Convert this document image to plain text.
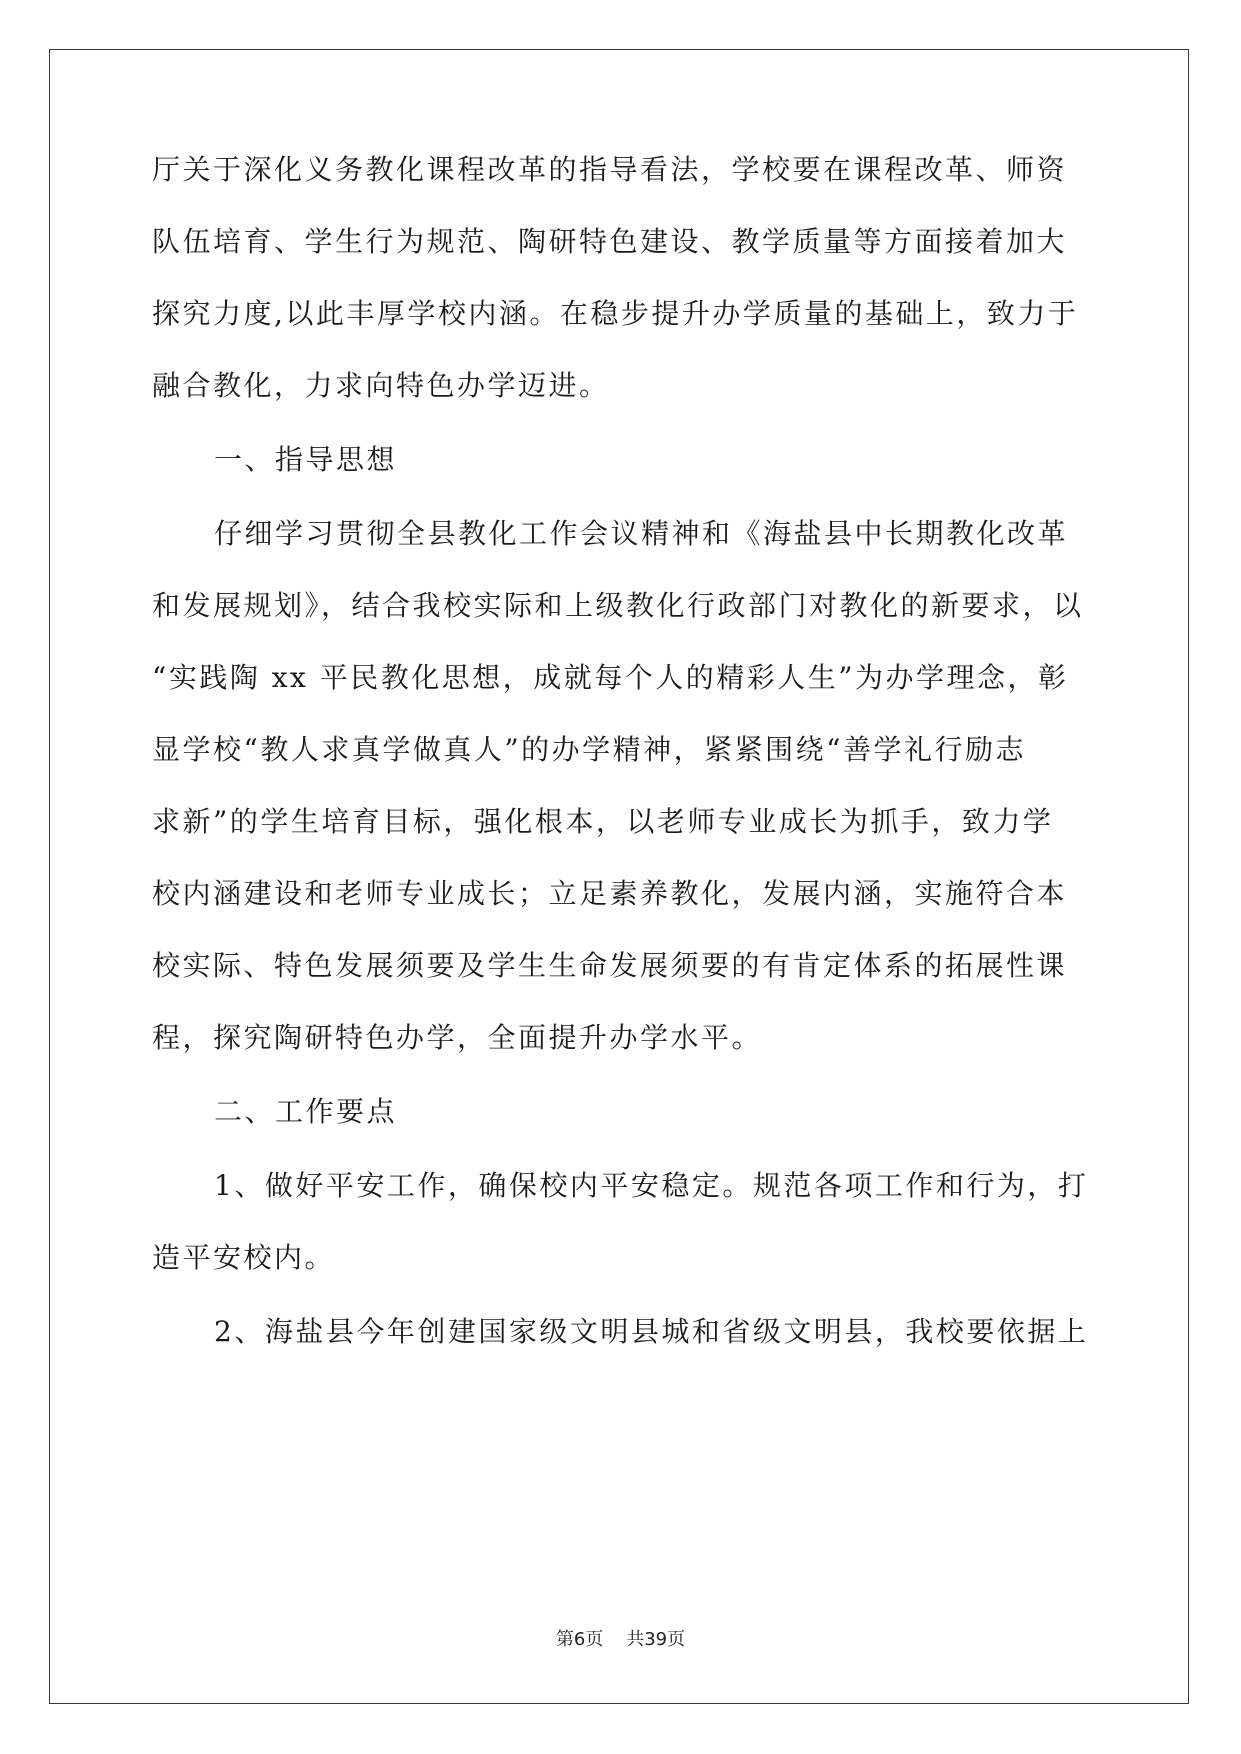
厅关于深化义务教化课程改革的指导看法，学校要在课程改革、师资
队伍培育、学生行为规范、陶研特色建设、教学质量等方面接着加大
探究力度,以此丰厚学校内涵。在稳步提升办学质量的基础上，致力于
融合教化，力求向特色办学迈进。
一、指导思想
仔细学习贯彻全县教化工作会议精神和《海盐县中长期教化改革
和发展规划》，结合我校实际和上级教化行政部门对教化的新要求，以
“实践陶 xx 平民教化思想，成就每个人的精彩人生”为办学理念，彰
显学校“教人求真学做真人”的办学精神，紧紧围绕“善学礼行励志
求新”的学生培育目标，强化根本，以老师专业成长为抓手，致力学
校内涵建设和老师专业成长；立足素养教化，发展内涵，实施符合本
校实际、特色发展须要及学生生命发展须要的有肯定体系的拓展性课
程，探究陶研特色办学，全面提升办学水平。
二、工作要点
1、做好平安工作，确保校内平安稳定。规范各项工作和行为，打
造平安校内。
2、海盐县今年创建国家级文明县城和省级文明县，我校要依据上
第6页 共39页
